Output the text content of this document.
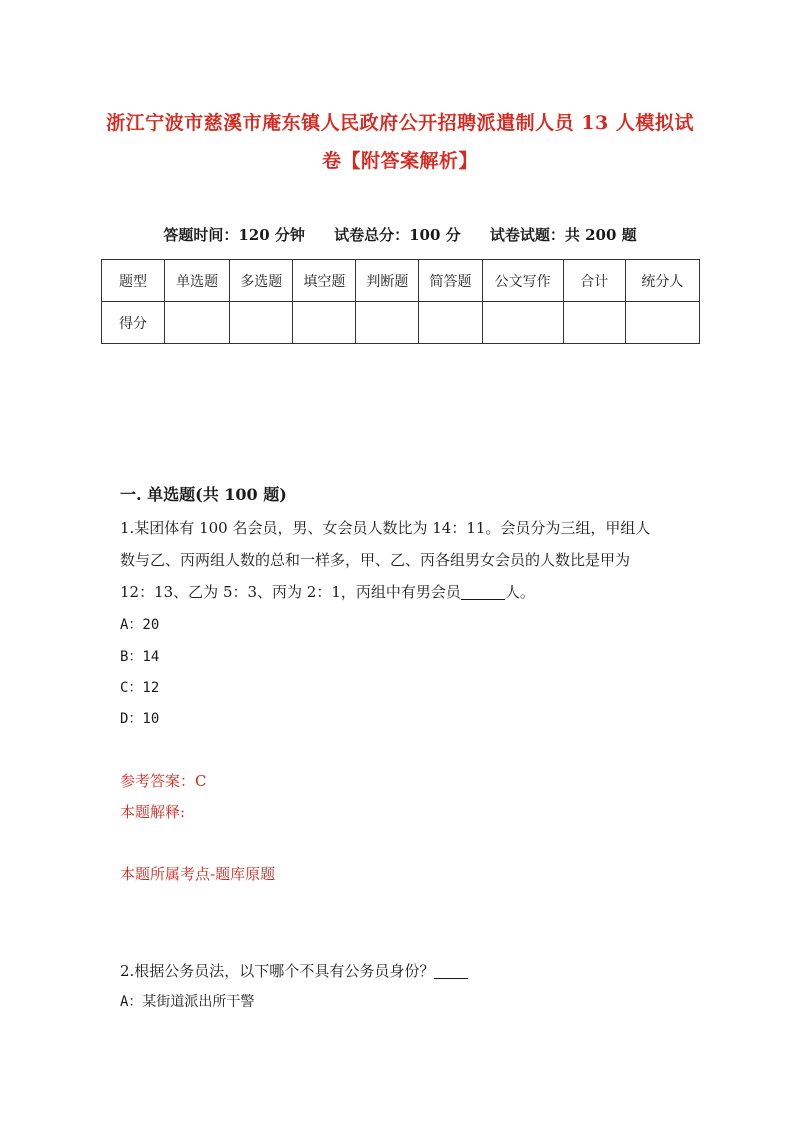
浙江宁波市慈溪市庵东镇人民政府公开招聘派遣制人员 13 人模拟试
卷【附答案解析】
答题时间：120 分钟 试卷总分：100 分 试卷试题：共 200 题
题型	单选题	多选题	填空题	判断题	简答题	公文写作	合计	统分人
得分								
一. 单选题(共 100 题)
1.某团体有 100 名会员，男、女会员人数比为 14：11。会员分为三组，甲组人
数与乙、丙两组人数的总和一样多，甲、乙、丙各组男女会员的人数比是甲为
12：13、乙为 5：3、丙为 2：1，丙组中有男会员	人。
A：20
B：14
C：12
D：10
参考答案：C
本题解释:
本题所属考点-题库原题
2.根据公务员法，以下哪个不具有公务员身份？
A：某街道派出所干警
